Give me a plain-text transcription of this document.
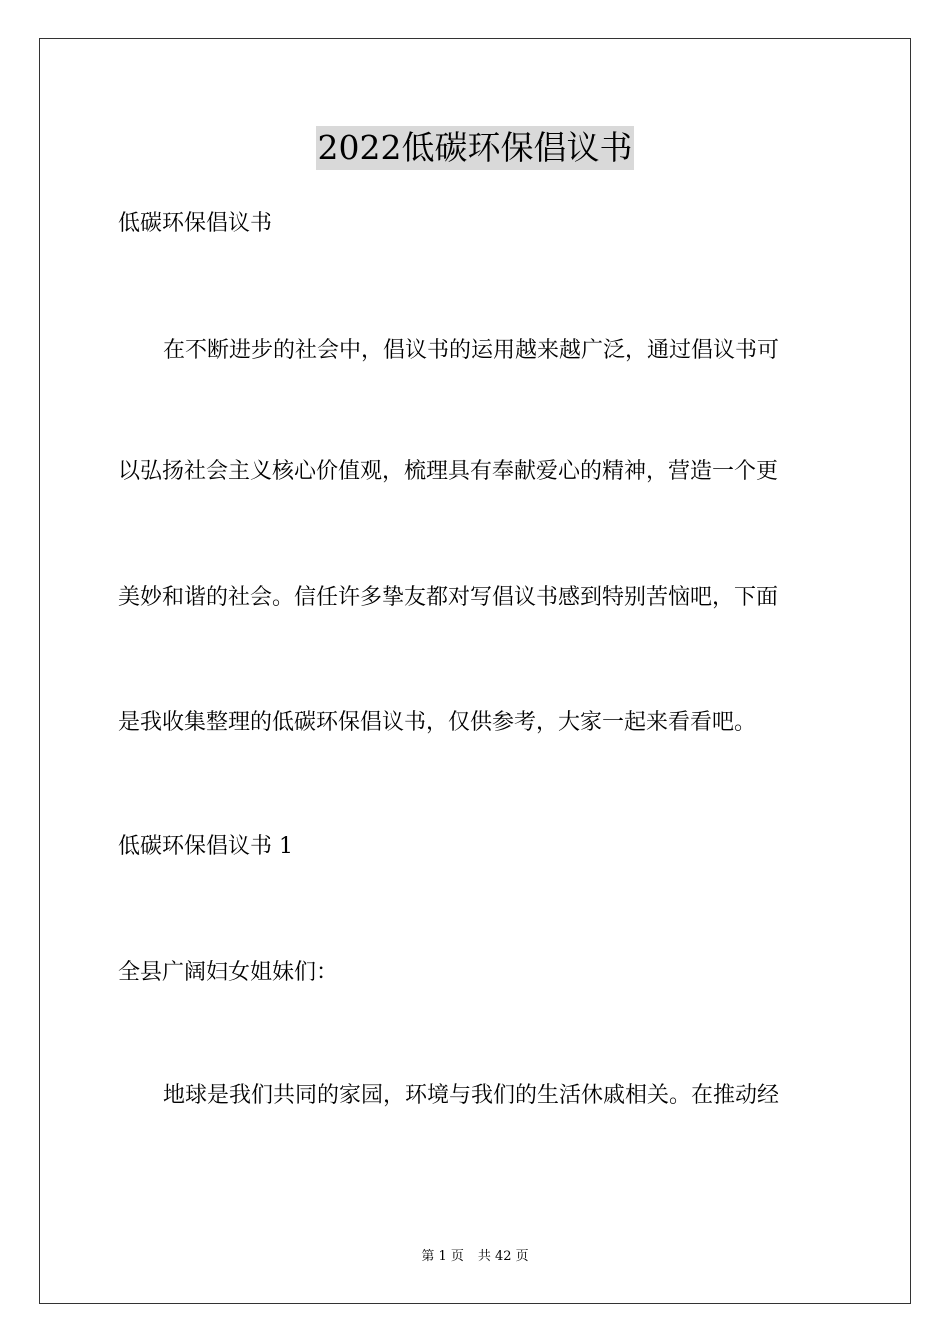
2022低碳环保倡议书
低碳环保倡议书
在不断进步的社会中，倡议书的运用越来越广泛，通过倡议书可
以弘扬社会主义核心价值观，梳理具有奉献爱心的精神，营造一个更
美妙和谐的社会。信任许多挚友都对写倡议书感到特别苦恼吧，下面
是我收集整理的低碳环保倡议书，仅供参考，大家一起来看看吧。
低碳环保倡议书 1
全县广阔妇女姐妹们：
地球是我们共同的家园，环境与我们的生活休戚相关。在推动经
第 1 页 共 42 页
